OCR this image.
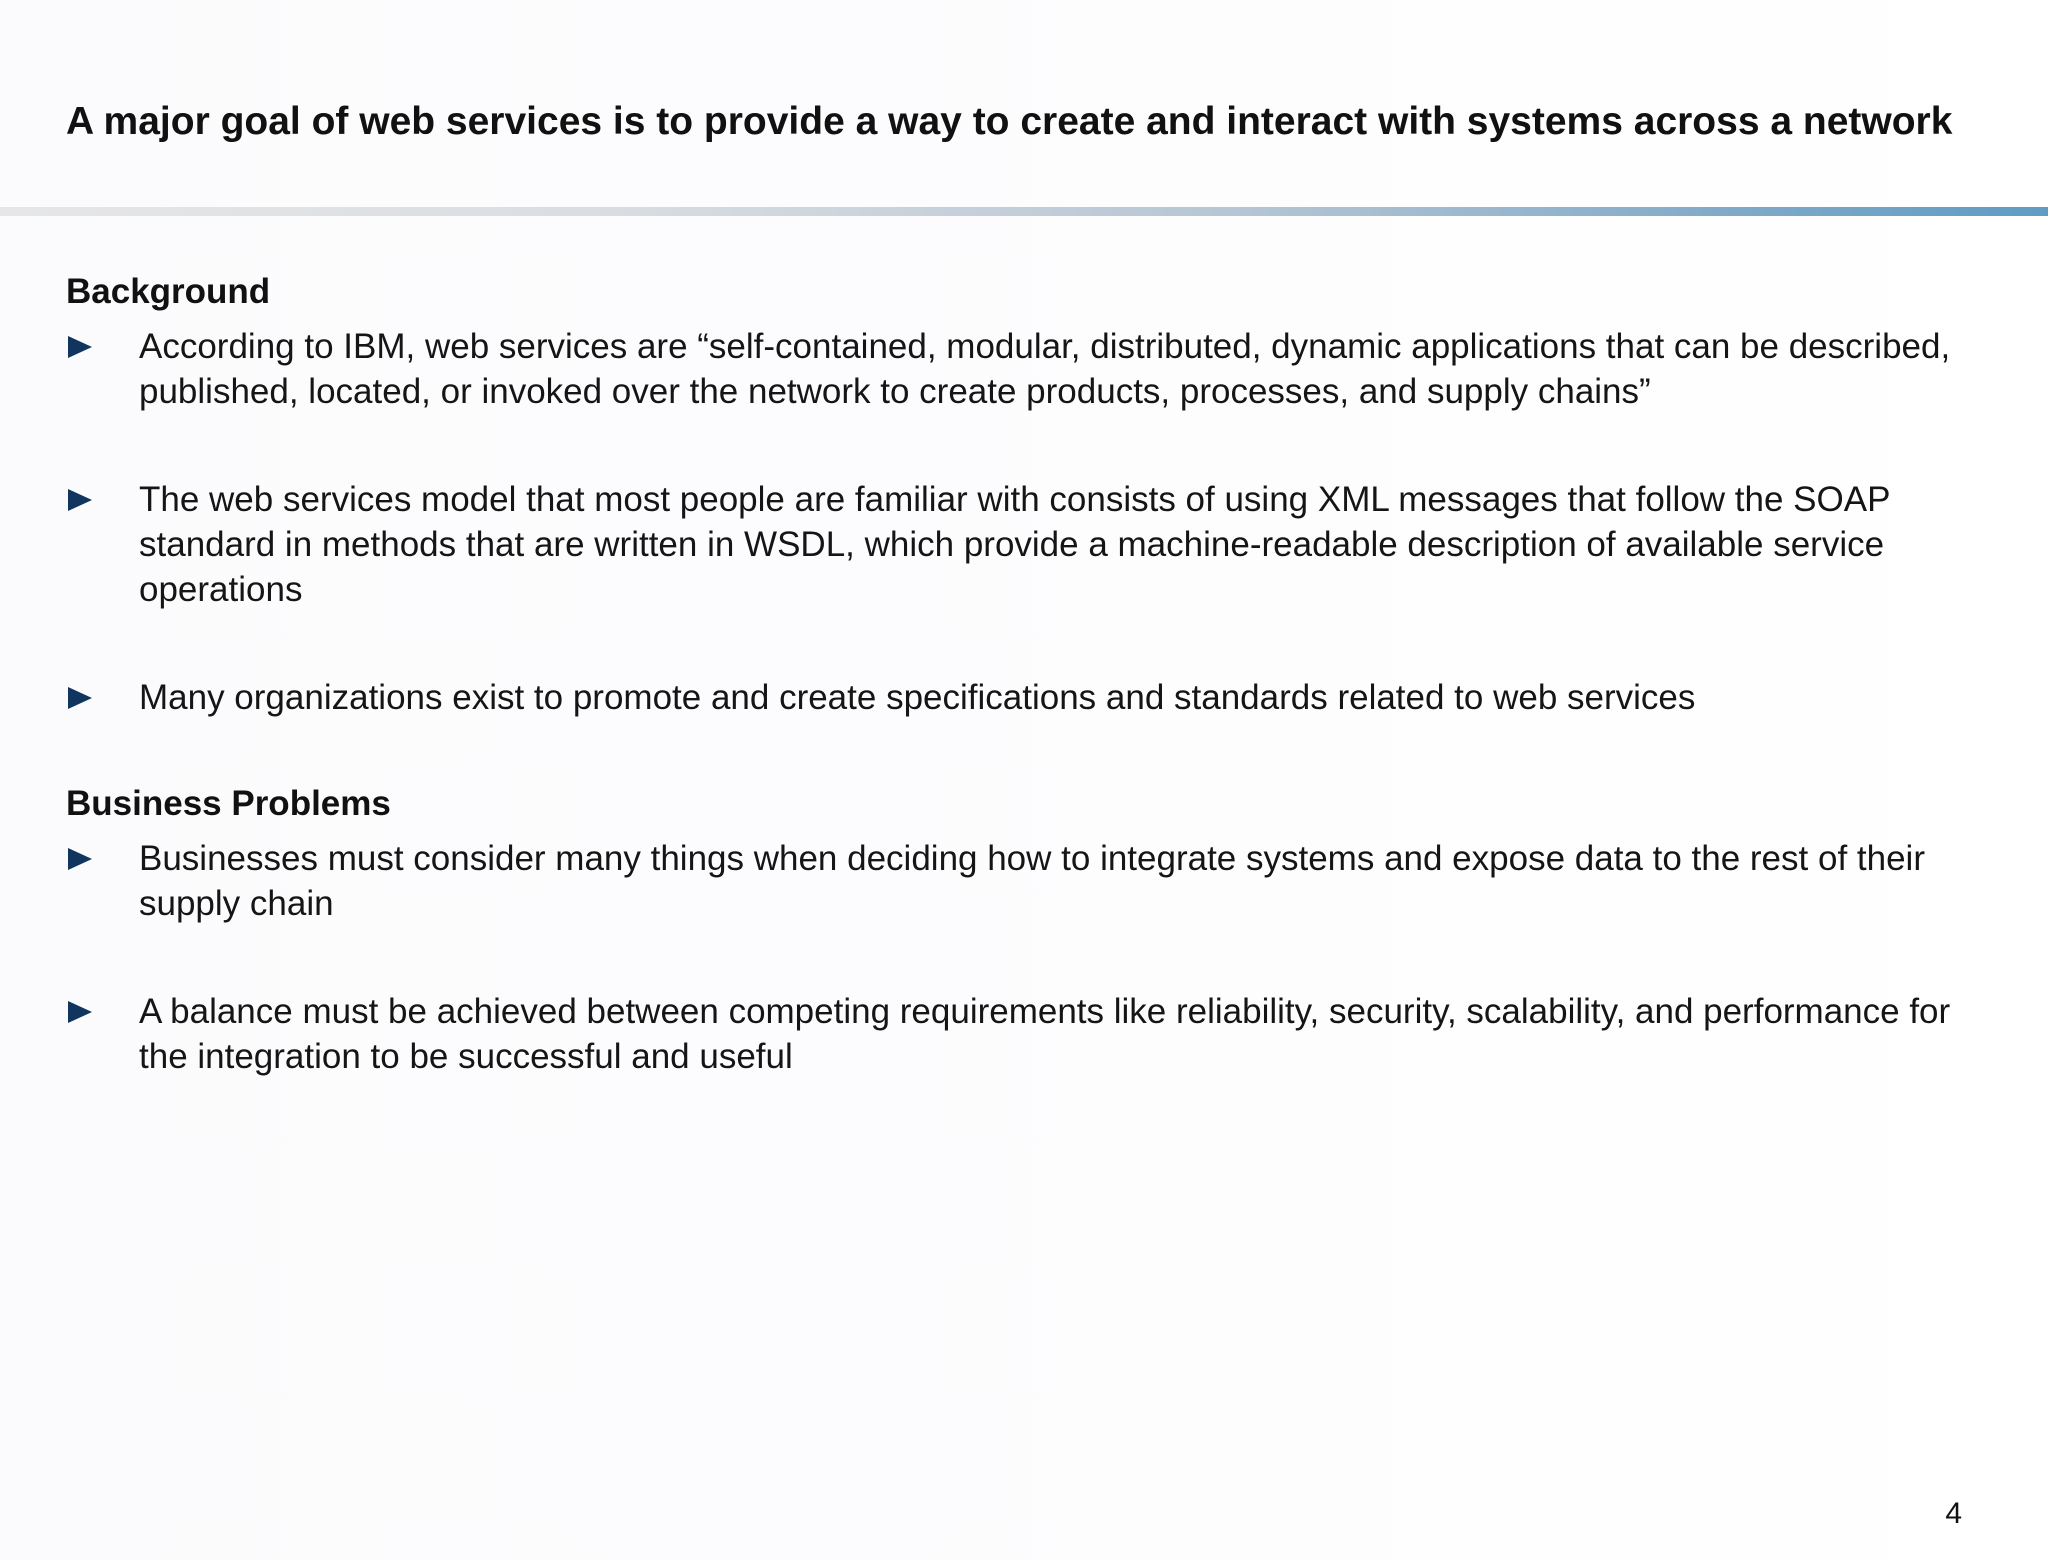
A major goal of web services is to provide a way to create and interact with systems across a network
Background
According to IBM, web services are “self-contained, modular, distributed, dynamic applications that can be described, published, located, or invoked over the network to create products, processes, and supply chains”
The web services model that most people are familiar with consists of using XML messages that follow the SOAP standard in methods that are written in WSDL, which provide a machine-readable description of available service operations
Many organizations exist to promote and create specifications and standards related to web services
Business Problems
Businesses must consider many things when deciding how to integrate systems and expose data to the rest of their supply chain
A balance must be achieved between competing requirements like reliability, security, scalability, and performance for the integration to be successful and useful
4
